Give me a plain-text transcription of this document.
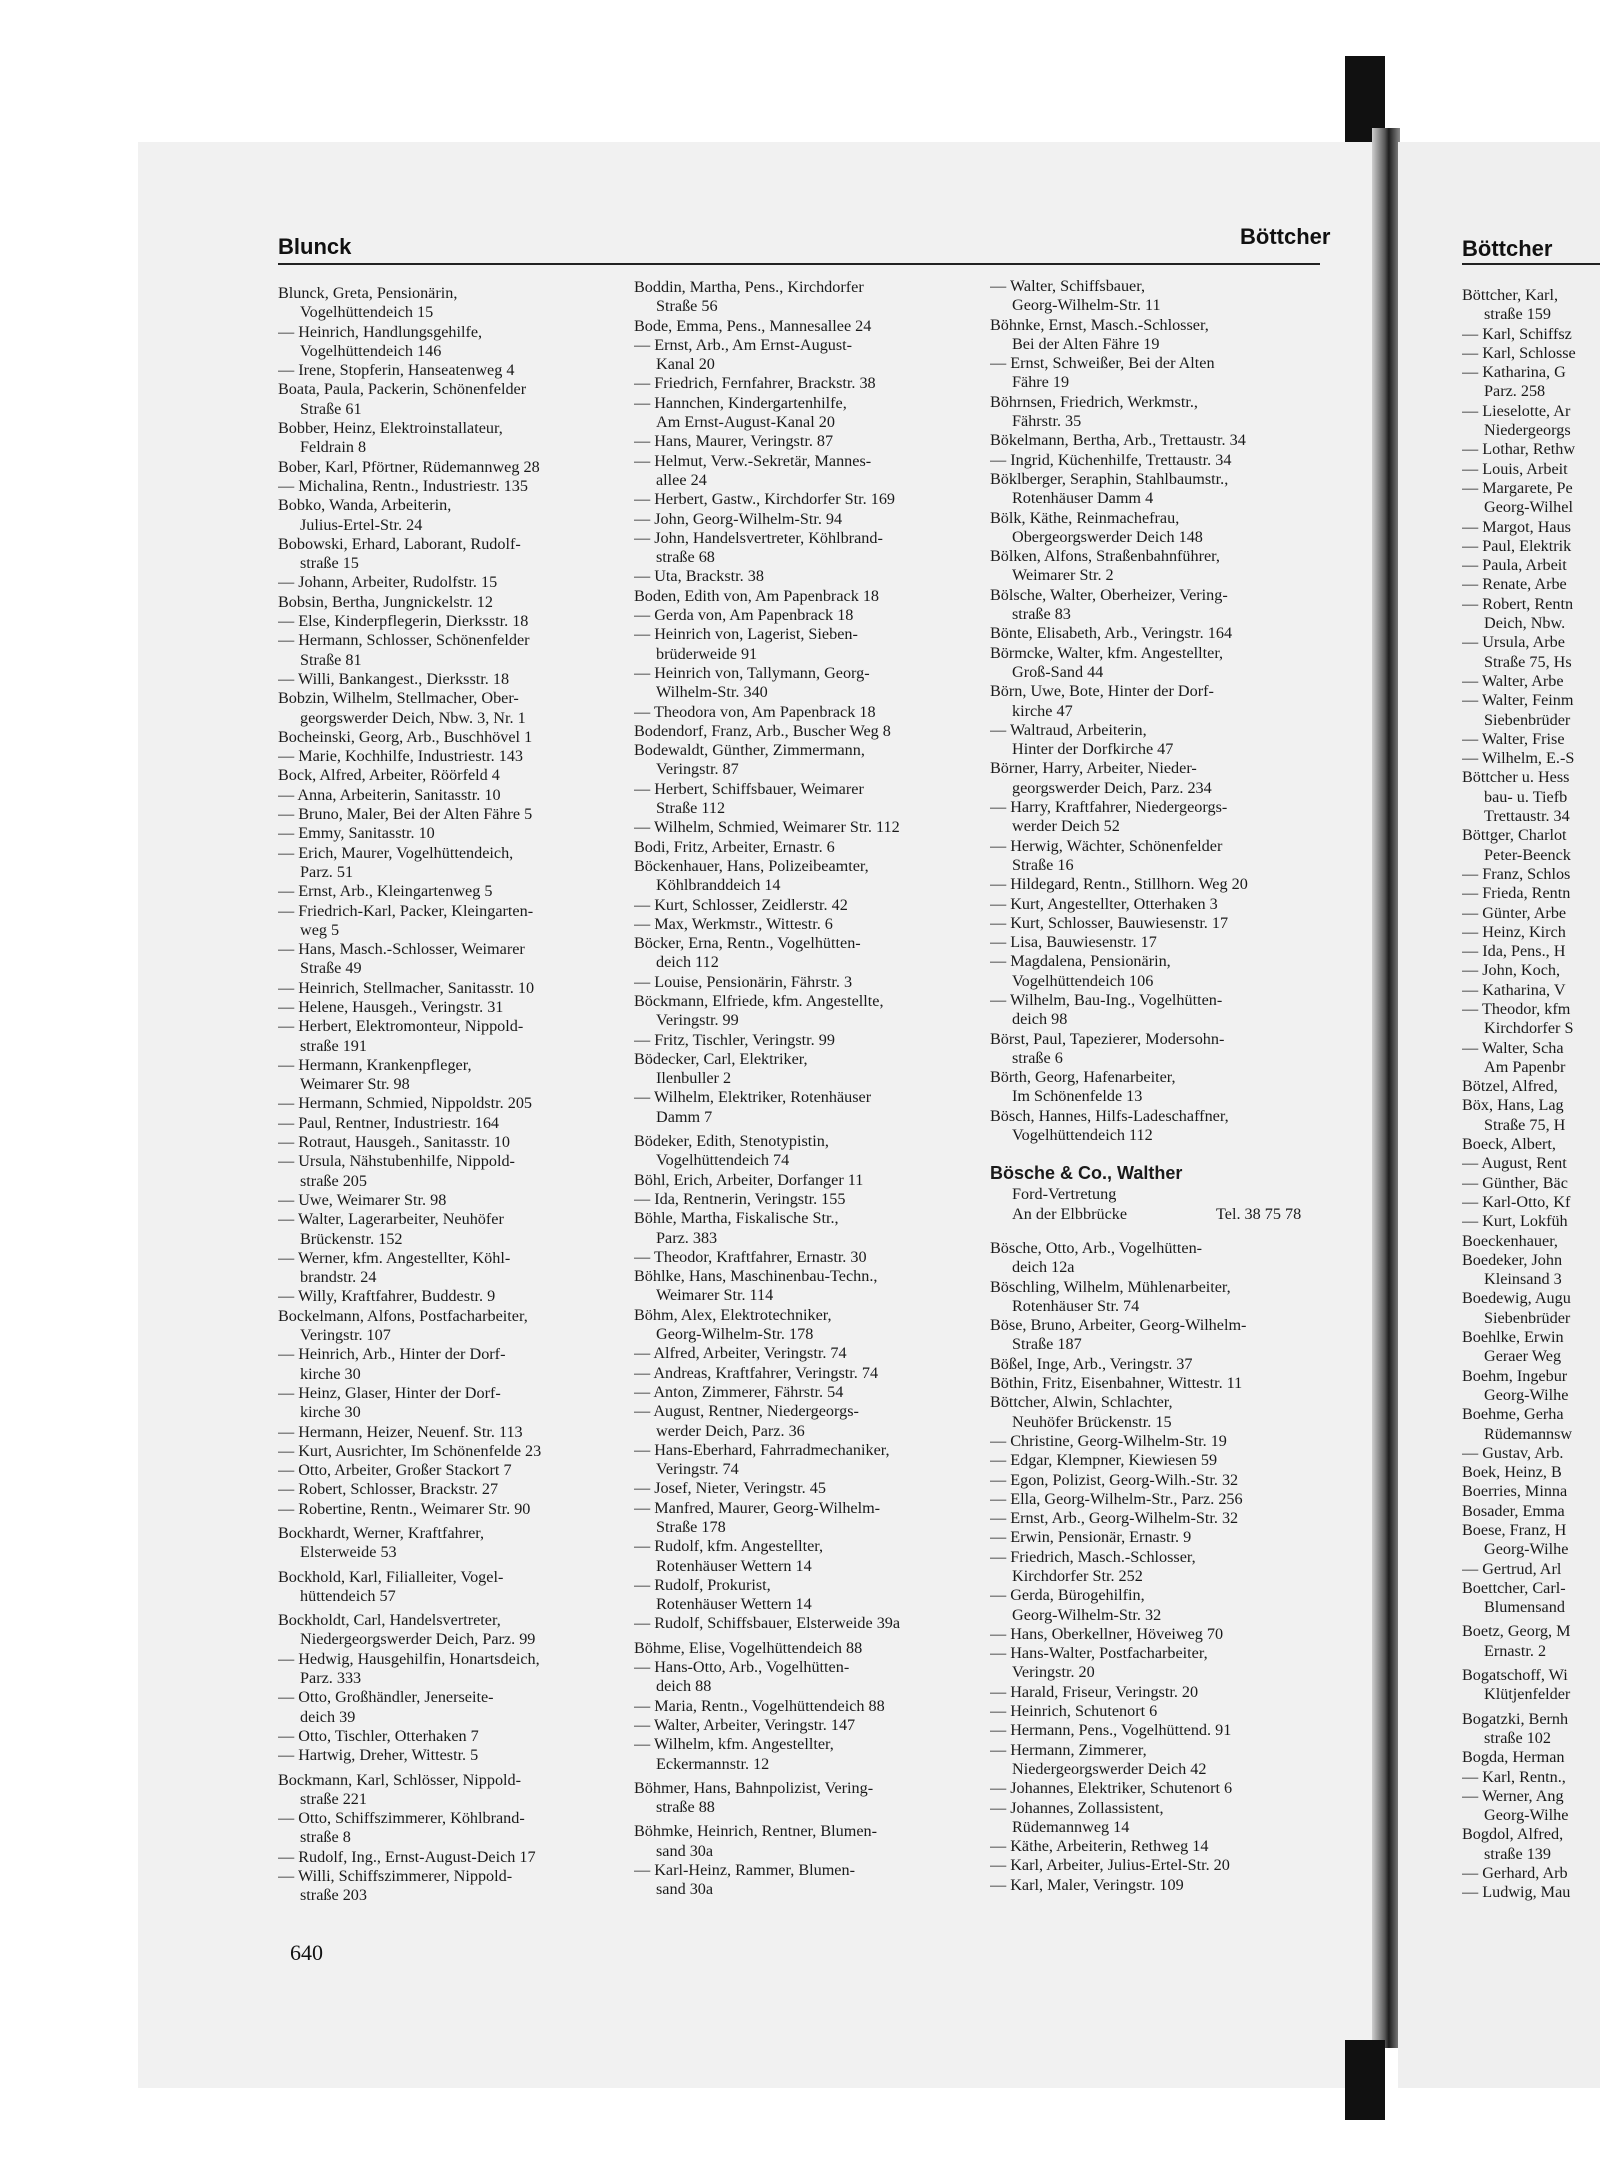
Blunck	Böttcher	Böttcher
Blunck, Greta, Pensionärin,
Vogelhüttendeich 15
— Heinrich, Handlungsgehilfe,
Vogelhüttendeich 146
— Irene, Stopferin, Hanseatenweg 4
Boata, Paula, Packerin, Schönenfelder
Straße 61
Bobber, Heinz, Elektroinstallateur,
Feldrain 8
Bober, Karl, Pförtner, Rüdemannweg 28
— Michalina, Rentn., Industriestr. 135
Bobko, Wanda, Arbeiterin,
Julius-Ertel-Str. 24
Bobowski, Erhard, Laborant, Rudolf-
straße 15
— Johann, Arbeiter, Rudolfstr. 15
Bobsin, Bertha, Jungnickelstr. 12
— Else, Kinderpflegerin, Dierksstr. 18
— Hermann, Schlosser, Schönenfelder
Straße 81
— Willi, Bankangest., Dierksstr. 18
Bobzin, Wilhelm, Stellmacher, Ober-
georgswerder Deich, Nbw. 3, Nr. 1
Bocheinski, Georg, Arb., Buschhövel 1
— Marie, Kochhilfe, Industriestr. 143
Bock, Alfred, Arbeiter, Röörfeld 4
— Anna, Arbeiterin, Sanitasstr. 10
— Bruno, Maler, Bei der Alten Fähre 5
— Emmy, Sanitasstr. 10
— Erich, Maurer, Vogelhüttendeich,
Parz. 51
— Ernst, Arb., Kleingartenweg 5
— Friedrich-Karl, Packer, Kleingarten-
weg 5
— Hans, Masch.-Schlosser, Weimarer
Straße 49
— Heinrich, Stellmacher, Sanitasstr. 10
— Helene, Hausgeh., Veringstr. 31
— Herbert, Elektromonteur, Nippold-
straße 191
— Hermann, Krankenpfleger,
Weimarer Str. 98
— Hermann, Schmied, Nippoldstr. 205
— Paul, Rentner, Industriestr. 164
— Rotraut, Hausgeh., Sanitasstr. 10
— Ursula, Nähstubenhilfe, Nippold-
straße 205
— Uwe, Weimarer Str. 98
— Walter, Lagerarbeiter, Neuhöfer
Brückenstr. 152
— Werner, kfm. Angestellter, Köhl-
brandstr. 24
— Willy, Kraftfahrer, Buddestr. 9
Bockelmann, Alfons, Postfacharbeiter,
Veringstr. 107
— Heinrich, Arb., Hinter der Dorf-
kirche 30
— Heinz, Glaser, Hinter der Dorf-
kirche 30
— Hermann, Heizer, Neuenf. Str. 113
— Kurt, Ausrichter, Im Schönenfelde 23
— Otto, Arbeiter, Großer Stackort 7
— Robert, Schlosser, Brackstr. 27
— Robertine, Rentn., Weimarer Str. 90
Bockhardt, Werner, Kraftfahrer,
Elsterweide 53
Bockhold, Karl, Filialleiter, Vogel-
hüttendeich 57
Bockholdt, Carl, Handelsvertreter,
Niedergeorgswerder Deich, Parz. 99
— Hedwig, Hausgehilfin, Honartsdeich,
Parz. 333
— Otto, Großhändler, Jenerseite-
deich 39
— Otto, Tischler, Otterhaken 7
— Hartwig, Dreher, Wittestr. 5
Bockmann, Karl, Schlösser, Nippold-
straße 221
— Otto, Schiffszimmerer, Köhlbrand-
straße 8
— Rudolf, Ing., Ernst-August-Deich 17
— Willi, Schiffszimmerer, Nippold-
straße 203
Boddin, Martha, Pens., Kirchdorfer
Straße 56
Bode, Emma, Pens., Mannesallee 24
— Ernst, Arb., Am Ernst-August-
Kanal 20
— Friedrich, Fernfahrer, Brackstr. 38
— Hannchen, Kindergartenhilfe,
Am Ernst-August-Kanal 20
— Hans, Maurer, Veringstr. 87
— Helmut, Verw.-Sekretär, Mannes-
allee 24
— Herbert, Gastw., Kirchdorfer Str. 169
— John, Georg-Wilhelm-Str. 94
— John, Handelsvertreter, Köhlbrand-
straße 68
— Uta, Brackstr. 38
Boden, Edith von, Am Papenbrack 18
— Gerda von, Am Papenbrack 18
— Heinrich von, Lagerist, Sieben-
brüderweide 91
— Heinrich von, Tallymann, Georg-
Wilhelm-Str. 340
— Theodora von, Am Papenbrack 18
Bodendorf, Franz, Arb., Buscher Weg 8
Bodewaldt, Günther, Zimmermann,
Veringstr. 87
— Herbert, Schiffsbauer, Weimarer
Straße 112
— Wilhelm, Schmied, Weimarer Str. 112
Bodi, Fritz, Arbeiter, Ernastr. 6
Böckenhauer, Hans, Polizeibeamter,
Köhlbranddeich 14
— Kurt, Schlosser, Zeidlerstr. 42
— Max, Werkmstr., Wittestr. 6
Böcker, Erna, Rentn., Vogelhütten-
deich 112
— Louise, Pensionärin, Fährstr. 3
Böckmann, Elfriede, kfm. Angestellte,
Veringstr. 99
— Fritz, Tischler, Veringstr. 99
Bödecker, Carl, Elektriker,
Ilenbuller 2
— Wilhelm, Elektriker, Rotenhäuser
Damm 7
Bödeker, Edith, Stenotypistin,
Vogelhüttendeich 74
Böhl, Erich, Arbeiter, Dorfanger 11
— Ida, Rentnerin, Veringstr. 155
Böhle, Martha, Fiskalische Str.,
Parz. 383
— Theodor, Kraftfahrer, Ernastr. 30
Böhlke, Hans, Maschinenbau-Techn.,
Weimarer Str. 114
Böhm, Alex, Elektrotechniker,
Georg-Wilhelm-Str. 178
— Alfred, Arbeiter, Veringstr. 74
— Andreas, Kraftfahrer, Veringstr. 74
— Anton, Zimmerer, Fährstr. 54
— August, Rentner, Niedergeorgs-
werder Deich, Parz. 36
— Hans-Eberhard, Fahrradmechaniker,
Veringstr. 74
— Josef, Nieter, Veringstr. 45
— Manfred, Maurer, Georg-Wilhelm-
Straße 178
— Rudolf, kfm. Angestellter,
Rotenhäuser Wettern 14
— Rudolf, Prokurist,
Rotenhäuser Wettern 14
— Rudolf, Schiffsbauer, Elsterweide 39a
Böhme, Elise, Vogelhüttendeich 88
— Hans-Otto, Arb., Vogelhütten-
deich 88
— Maria, Rentn., Vogelhüttendeich 88
— Walter, Arbeiter, Veringstr. 147
— Wilhelm, kfm. Angestellter,
Eckermannstr. 12
Böhmer, Hans, Bahnpolizist, Vering-
straße 88
Böhmke, Heinrich, Rentner, Blumen-
sand 30a
— Karl-Heinz, Rammer, Blumen-
sand 30a
— Walter, Schiffsbauer,
Georg-Wilhelm-Str. 11
Böhnke, Ernst, Masch.-Schlosser,
Bei der Alten Fähre 19
— Ernst, Schweißer, Bei der Alten
Fähre 19
Böhrnsen, Friedrich, Werkmstr.,
Fährstr. 35
Bökelmann, Bertha, Arb., Trettaustr. 34
— Ingrid, Küchenhilfe, Trettaustr. 34
Böklberger, Seraphin, Stahlbaumstr.,
Rotenhäuser Damm 4
Bölk, Käthe, Reinmachefrau,
Obergeorgswerder Deich 148
Bölken, Alfons, Straßenbahnführer,
Weimarer Str. 2
Bölsche, Walter, Oberheizer, Vering-
straße 83
Bönte, Elisabeth, Arb., Veringstr. 164
Börmcke, Walter, kfm. Angestellter,
Groß-Sand 44
Börn, Uwe, Bote, Hinter der Dorf-
kirche 47
— Waltraud, Arbeiterin,
Hinter der Dorfkirche 47
Börner, Harry, Arbeiter, Nieder-
georgswerder Deich, Parz. 234
— Harry, Kraftfahrer, Niedergeorgs-
werder Deich 52
— Herwig, Wächter, Schönenfelder
Straße 16
— Hildegard, Rentn., Stillhorn. Weg 20
— Kurt, Angestellter, Otterhaken 3
— Kurt, Schlosser, Bauwiesenstr. 17
— Lisa, Bauwiesenstr. 17
— Magdalena, Pensionärin,
Vogelhüttendeich 106
— Wilhelm, Bau-Ing., Vogelhütten-
deich 98
Börst, Paul, Tapezierer, Modersohn-
straße 6
Börth, Georg, Hafenarbeiter,
Im Schönenfelde 13
Bösch, Hannes, Hilfs-Ladeschaffner,
Vogelhüttendeich 112
Bösche & Co., Walther
Ford-Vertretung
An der Elbbrücke	Tel. 38 75 78
Bösche, Otto, Arb., Vogelhütten-
deich 12a
Böschling, Wilhelm, Mühlenarbeiter,
Rotenhäuser Str. 74
Böse, Bruno, Arbeiter, Georg-Wilhelm-
Straße 187
Bößel, Inge, Arb., Veringstr. 37
Böthin, Fritz, Eisenbahner, Wittestr. 11
Böttcher, Alwin, Schlachter,
Neuhöfer Brückenstr. 15
— Christine, Georg-Wilhelm-Str. 19
— Edgar, Klempner, Kiewiesen 59
— Egon, Polizist, Georg-Wilh.-Str. 32
— Ella, Georg-Wilhelm-Str., Parz. 256
— Ernst, Arb., Georg-Wilhelm-Str. 32
— Erwin, Pensionär, Ernastr. 9
— Friedrich, Masch.-Schlosser,
Kirchdorfer Str. 252
— Gerda, Bürogehilfin,
Georg-Wilhelm-Str. 32
— Hans, Oberkellner, Höveiweg 70
— Hans-Walter, Postfacharbeiter,
Veringstr. 20
— Harald, Friseur, Veringstr. 20
— Heinrich, Schutenort 6
— Hermann, Pens., Vogelhüttend. 91
— Hermann, Zimmerer,
Niedergeorgswerder Deich 42
— Johannes, Elektriker, Schutenort 6
— Johannes, Zollassistent,
Rüdemannweg 14
— Käthe, Arbeiterin, Rethweg 14
— Karl, Arbeiter, Julius-Ertel-Str. 20
— Karl, Maler, Veringstr. 109
Böttcher, Karl,
straße 159
— Karl, Schiffsz
— Karl, Schlosse
— Katharina, G
Parz. 258
— Lieselotte, Ar
Niedergeorgs
— Lothar, Rethw
— Louis, Arbeit
— Margarete, Pe
Georg-Wilhel
— Margot, Haus
— Paul, Elektrik
— Paula, Arbeit
— Renate, Arbe
— Robert, Rentn
Deich, Nbw.
— Ursula, Arbe
Straße 75, Hs
— Walter, Arbe
— Walter, Feinm
Siebenbrüder
— Walter, Frise
— Wilhelm, E.-S
Böttcher u. Hess
bau- u. Tiefb
Trettaustr. 34
Böttger, Charlot
Peter-Beenck
— Franz, Schlos
— Frieda, Rentn
— Günter, Arbe
— Heinz, Kirch
— Ida, Pens., H
— John, Koch,
— Katharina, V
— Theodor, kfm
Kirchdorfer S
— Walter, Scha
Am Papenbr
Bötzel, Alfred,
Böx, Hans, Lag
Straße 75, H
Boeck, Albert,
— August, Rent
— Günther, Bäc
— Karl-Otto, Kf
— Kurt, Lokfüh
Boeckenhauer,
Boedeker, John
Kleinsand 3
Boedewig, Augu
Siebenbrüder
Boehlke, Erwin
Geraer Weg
Boehm, Ingebur
Georg-Wilhe
Boehme, Gerha
Rüdemannsw
— Gustav, Arb.
Boek, Heinz, B
Boerries, Minna
Bosader, Emma
Boese, Franz, H
Georg-Wilhe
— Gertrud, Arl
Boettcher, Carl-
Blumensand
Boetz, Georg, M
Ernastr. 2
Bogatschoff, Wi
Klütjenfelder
Bogatzki, Bernh
straße 102
Bogda, Herman
— Karl, Rentn.,
— Werner, Ang
Georg-Wilhe
Bogdol, Alfred,
straße 139
— Gerhard, Arb
— Ludwig, Mau
640
